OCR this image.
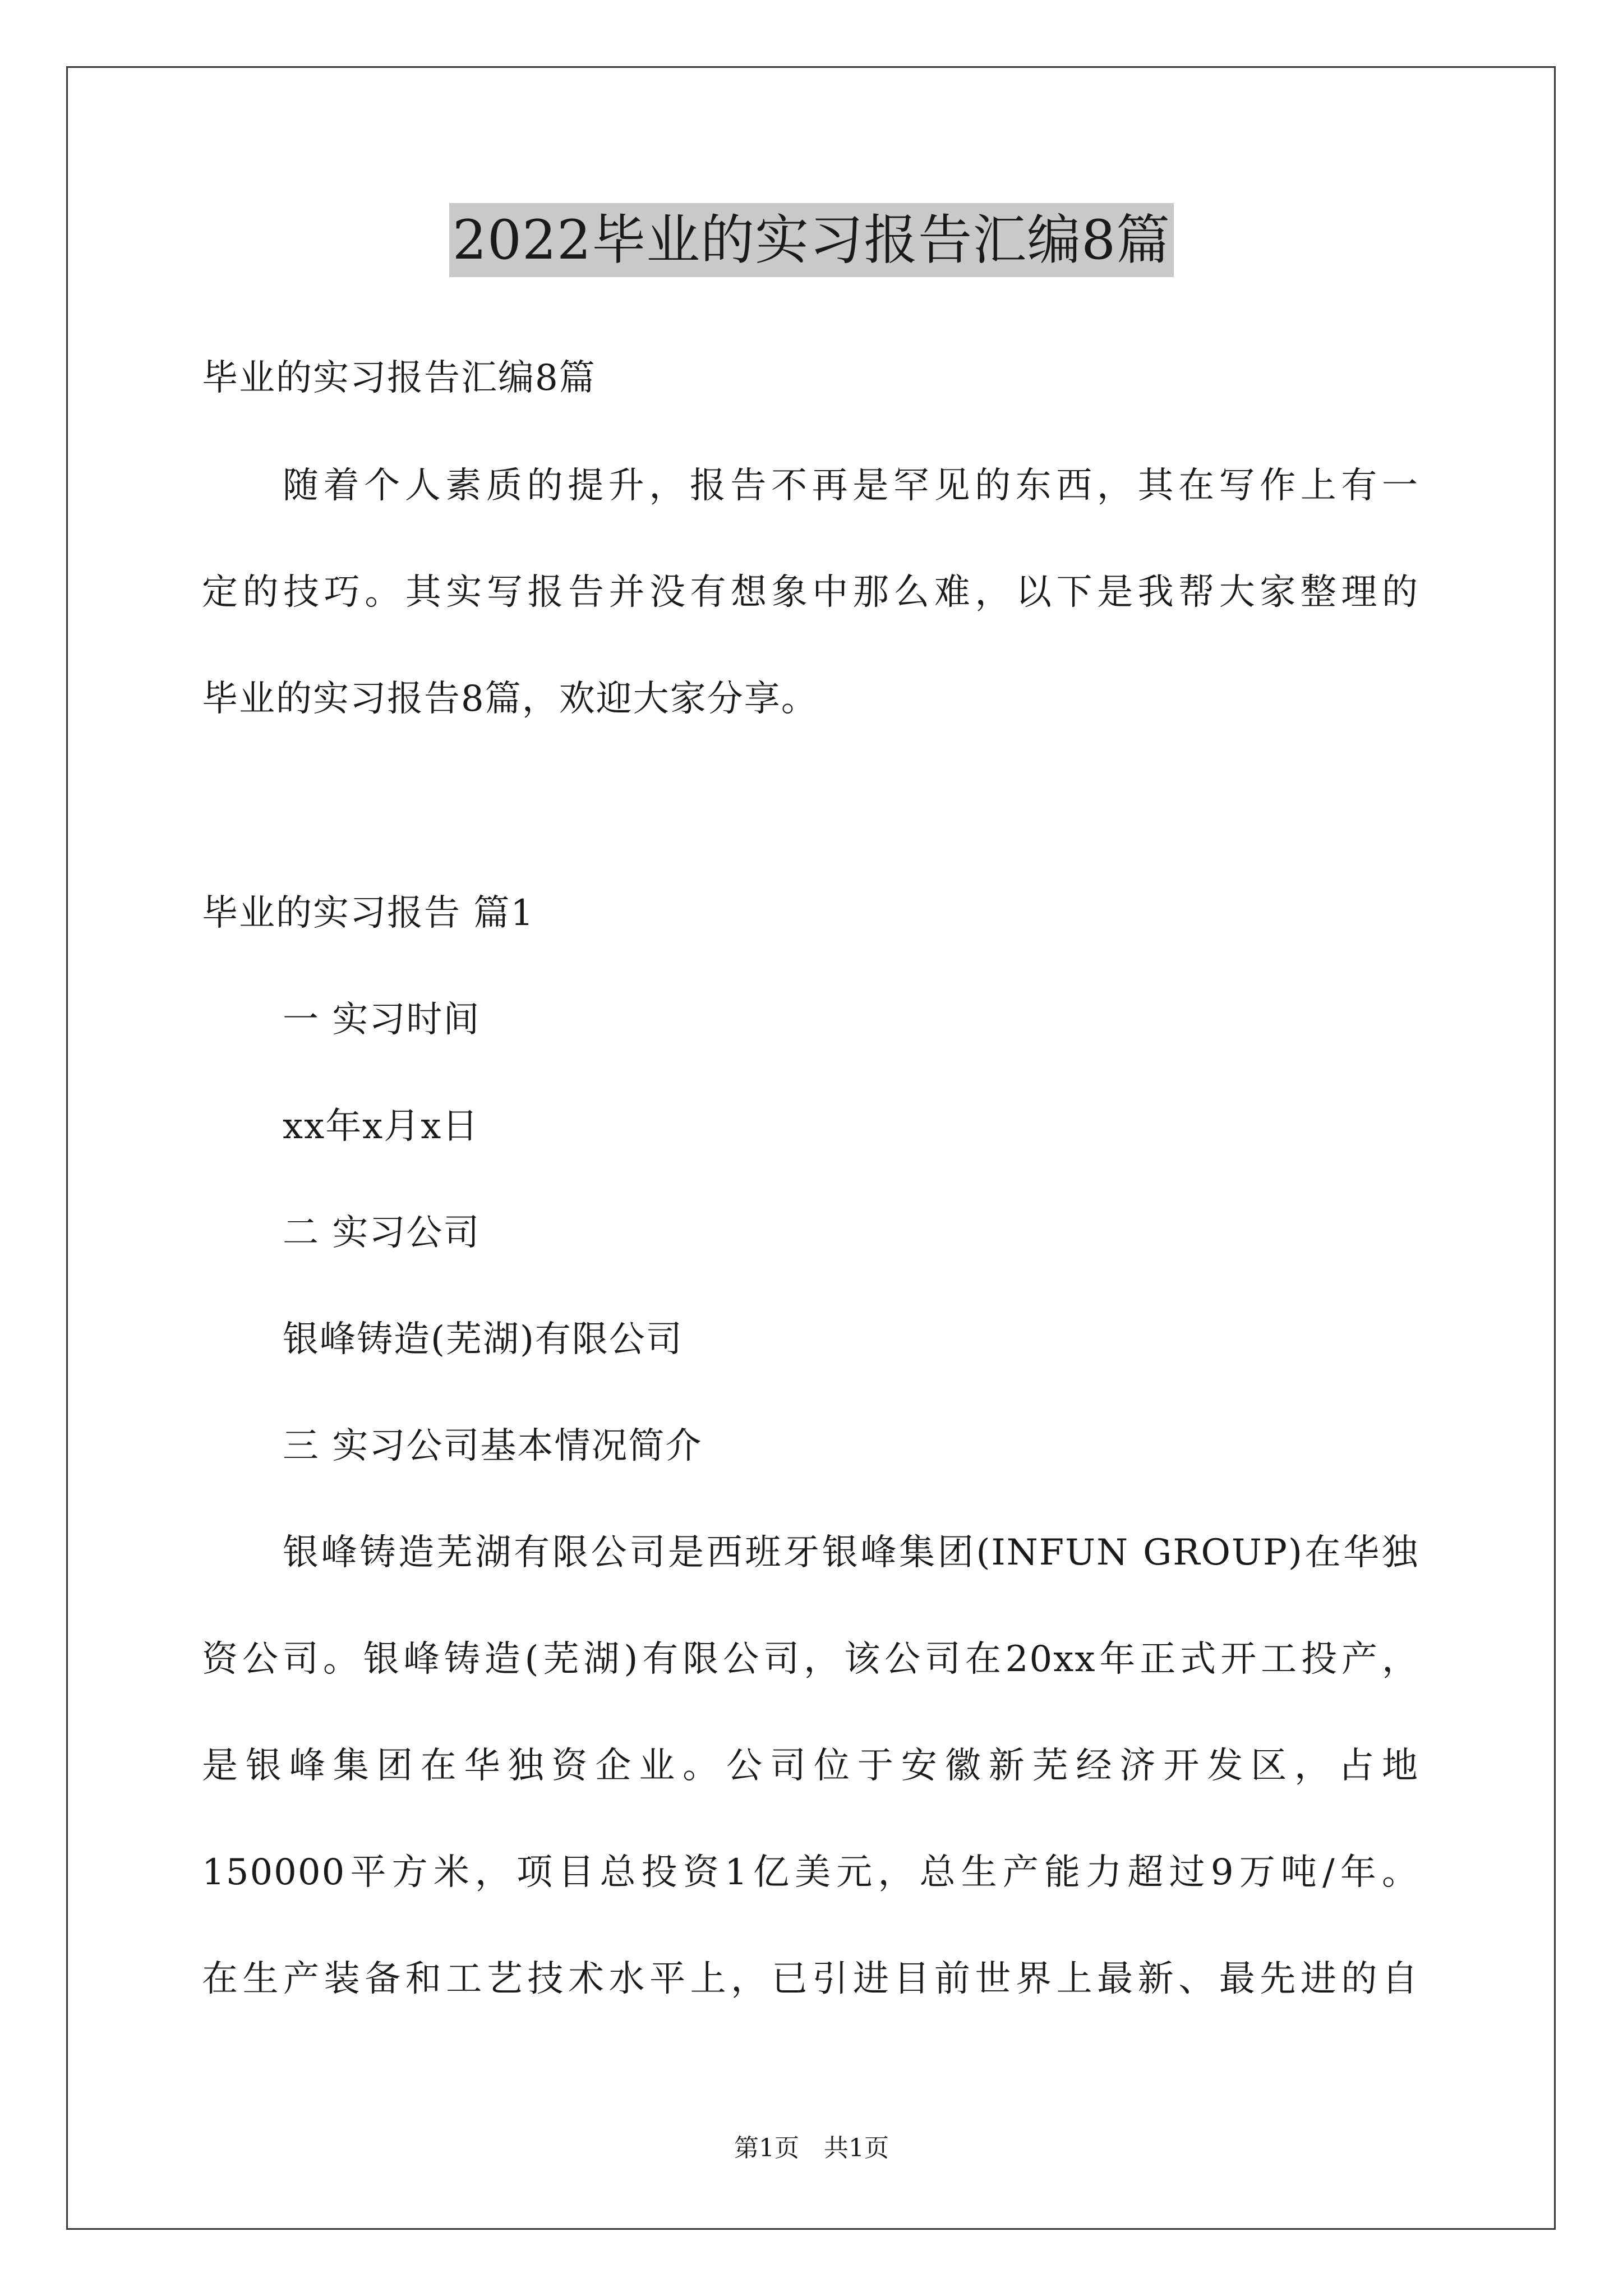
2022毕业的实习报告汇编8篇
毕业的实习报告汇编8篇
随着个人素质的提升，报告不再是罕见的东西，其在写作上有一
定的技巧。其实写报告并没有想象中那么难，以下是我帮大家整理的
毕业的实习报告8篇，欢迎大家分享。
毕业的实习报告 篇1
一 实习时间
xx年x月x日
二 实习公司
银峰铸造(芜湖)有限公司
三 实习公司基本情况简介
银峰铸造芜湖有限公司是西班牙银峰集团(INFUN GROUP)在华独
资公司。银峰铸造(芜湖)有限公司，该公司在20xx年正式开工投产，
是银峰集团在华独资企业。公司位于安徽新芜经济开发区，占地
150000平方米，项目总投资1亿美元，总生产能力超过9万吨/年。
在生产装备和工艺技术水平上，已引进目前世界上最新、最先进的自
第1页　共1页
